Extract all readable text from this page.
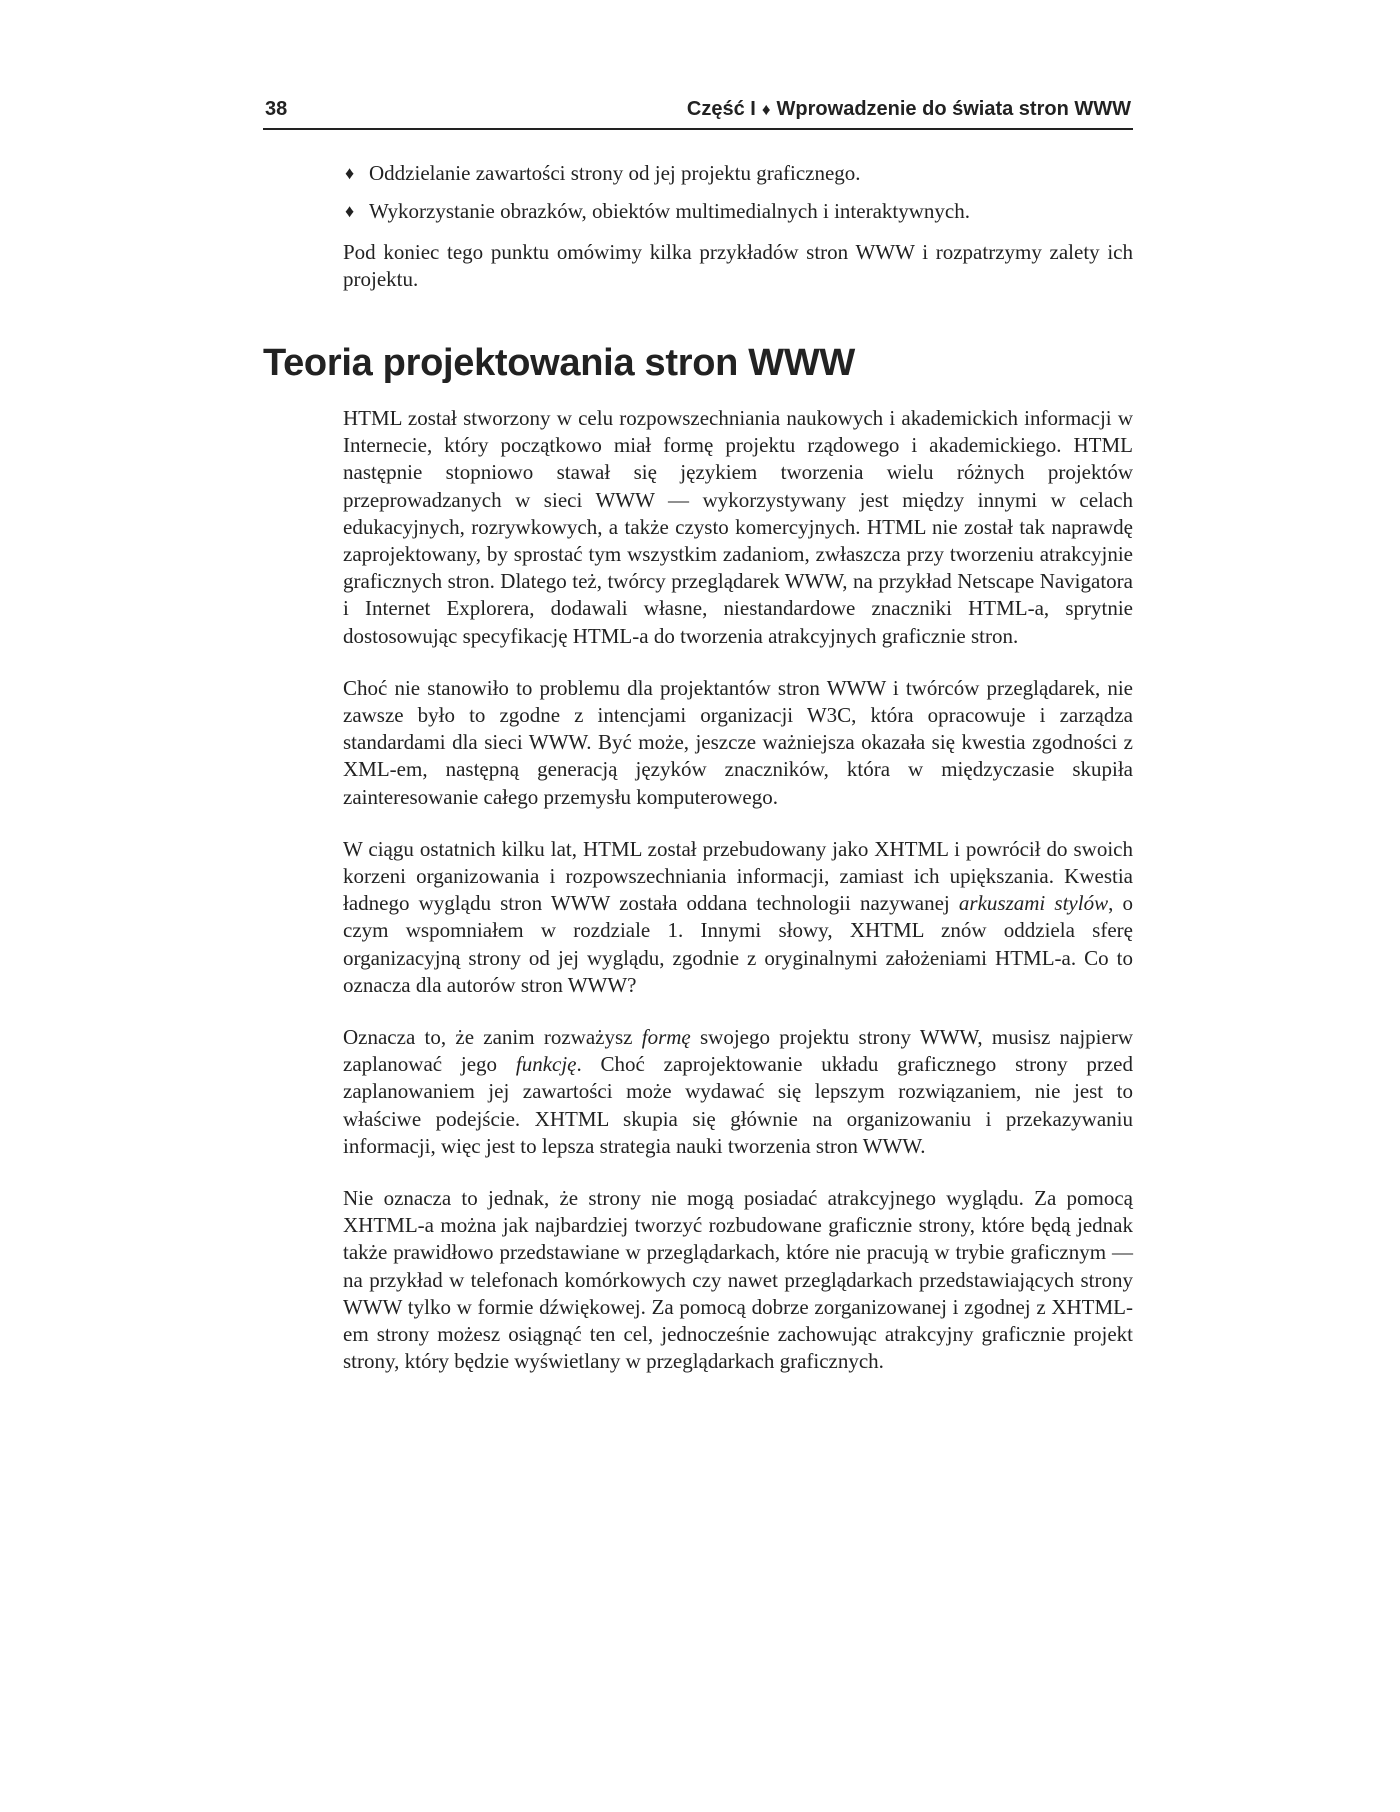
38	Część I ♦ Wprowadzenie do świata stron WWW
♦ Oddzielanie zawartości strony od jej projektu graficznego.
♦ Wykorzystanie obrazków, obiektów multimedialnych i interaktywnych.

Pod koniec tego punktu omówimy kilka przykładów stron WWW i rozpatrzymy zalety ich projektu.

Teoria projektowania stron WWW

HTML został stworzony w celu rozpowszechniania naukowych i akademickich informacji w Internecie, który początkowo miał formę projektu rządowego i akademickiego. HTML następnie stopniowo stawał się językiem tworzenia wielu różnych projektów przeprowadzanych w sieci WWW — wykorzystywany jest między innymi w celach edukacyjnych, rozrywkowych, a także czysto komercyjnych. HTML nie został tak naprawdę zaprojektowany, by sprostać tym wszystkim zadaniom, zwłaszcza przy tworzeniu atrakcyjnie graficznych stron. Dlatego też, twórcy przeglądarek WWW, na przykład Netscape Navigatora i Internet Explorera, dodawali własne, niestandardowe znaczniki HTML-a, sprytnie dostosowując specyfikację HTML-a do tworzenia atrakcyjnych graficznie stron.

Choć nie stanowiło to problemu dla projektantów stron WWW i twórców przeglądarek, nie zawsze było to zgodne z intencjami organizacji W3C, która opracowuje i zarządza standardami dla sieci WWW. Być może, jeszcze ważniejsza okazała się kwestia zgodności z XML-em, następną generacją języków znaczników, która w międzyczasie skupiła zainteresowanie całego przemysłu komputerowego.

W ciągu ostatnich kilku lat, HTML został przebudowany jako XHTML i powrócił do swoich korzeni organizowania i rozpowszechniania informacji, zamiast ich upiększania. Kwestia ładnego wyglądu stron WWW została oddana technologii nazywanej arkuszami stylów, o czym wspomniałem w rozdziale 1. Innymi słowy, XHTML znów oddziela sferę organizacyjną strony od jej wyglądu, zgodnie z oryginalnymi założeniami HTML-a. Co to oznacza dla autorów stron WWW?

Oznacza to, że zanim rozważysz formę swojego projektu strony WWW, musisz najpierw zaplanować jego funkcję. Choć zaprojektowanie układu graficznego strony przed zaplanowaniem jej zawartości może wydawać się lepszym rozwiązaniem, nie jest to właściwe podejście. XHTML skupia się głównie na organizowaniu i przekazywaniu informacji, więc jest to lepsza strategia nauki tworzenia stron WWW.

Nie oznacza to jednak, że strony nie mogą posiadać atrakcyjnego wyglądu. Za pomocą XHTML-a można jak najbardziej tworzyć rozbudowane graficznie strony, które będą jednak także prawidłowo przedstawiane w przeglądarkach, które nie pracują w trybie graficznym — na przykład w telefonach komórkowych czy nawet przeglądarkach przedstawiających strony WWW tylko w formie dźwiękowej. Za pomocą dobrze zorganizowanej i zgodnej z XHTML-em strony możesz osiągnąć ten cel, jednocześnie zachowując atrakcyjny graficznie projekt strony, który będzie wyświetlany w przeglądarkach graficznych.
